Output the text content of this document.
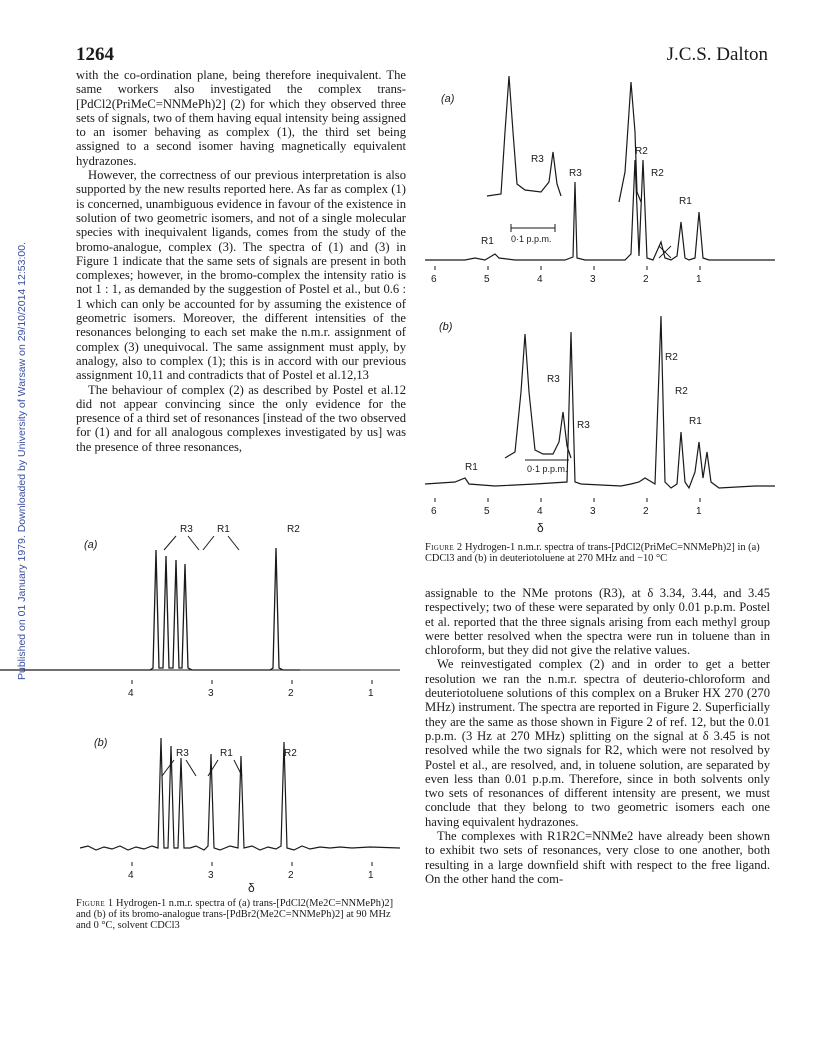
Published on 01 January 1979. Downloaded by University of Warsaw on 29/10/2014 12:53:00.
1264	J.C.S. Dalton

with the co-ordination plane, being therefore inequivalent. The same workers also investigated the complex trans-[PdCl2(PriMeC=NNMePh)2] (2) for which they observed three sets of signals, two of them having equal intensity being assigned to an isomer behaving as complex (1), the third set being assigned to a second isomer having magnetically equivalent hydrazones.

However, the correctness of our previous interpretation is also supported by the new results reported here. As far as complex (1) is concerned, unambiguous evidence in favour of the existence in solution of two geometric isomers, and not of a single molecular species with inequivalent ligands, comes from the study of the bromo-analogue, complex (3). The spectra of (1) and (3) in Figure 1 indicate that the same sets of signals are present in both complexes; however, in the bromo-complex the intensity ratio is not 1 : 1, as demanded by the suggestion of Postel et al., but 0.6 : 1 which can only be accounted for by assuming the existence of geometric isomers. Moreover, the different intensities of the resonances belonging to each set make the n.m.r. assignment of complex (3) unequivocal. The same assignment must apply, by analogy, also to complex (1); this is in accord with our previous assignment 10,11 and contradicts that of Postel et al.12,13

The behaviour of complex (2) as described by Postel et al.12 did not appear convincing since the only evidence for the presence of a third set of resonances [instead of the two observed for (1) and for all analogous complexes investigated by us] was the presence of three resonances,

assignable to the NMe protons (R3), at δ 3.34, 3.44, and 3.45 respectively; two of these were separated by only 0.01 p.p.m. Postel et al. reported that the three signals arising from each methyl group were better resolved when the spectra were run in toluene than in chloroform, but they did not give the relative values.

We reinvestigated complex (2) and in order to get a better resolution we ran the n.m.r. spectra of deuterio-chloroform and deuteriotoluene solutions of this complex on a Bruker HX 270 (270 MHz) instrument. The spectra are reported in Figure 2. Superficially they are the same as those shown in Figure 2 of ref. 12, but the 0.01 p.p.m. (3 Hz at 270 MHz) splitting on the signal at δ 3.45 is not resolved while the two signals for R2, which were not resolved by Postel et al., are resolved, and, in toluene solution, are separated by even less than 0.01 p.p.m. Therefore, since in both solvents only two sets of resonances of different intensity are present, we must conclude that they belong to two geometric isomers each one having equivalent hydrazones.

The complexes with R1R2C=NNMe2 have already been shown to exhibit two sets of resonances, very close to one another, both resulting in a large downfield shift with respect to the free ligand. On the other hand the com-

(a)
R3 R1	R2
4	3	2	1
(b)
R3	R1	R2
4	3	2	1
δ
Figure 1 Hydrogen-1 n.m.r. spectra of (a) trans-[PdCl2(Me2C=NNMePh)2] and (b) of its bromo-analogue trans-[PdBr2(Me2C=NNMePh)2] at 90 MHz and 0 °C, solvent CDCl3
(a)
R3
0·1 p.p.m.
R2
R3	R2
R1
R1
6	5	4	3	2	1
(b)
R3
0·1 p.p.m.
R3
R2
R2
R1
R1
6	5	4	3	2	1
δ
Figure 2 Hydrogen-1 n.m.r. spectra of trans-[PdCl2(PriMeC=NNMePh)2] in (a) CDCl3 and (b) in deuteriotoluene at 270 MHz and −10 °C
